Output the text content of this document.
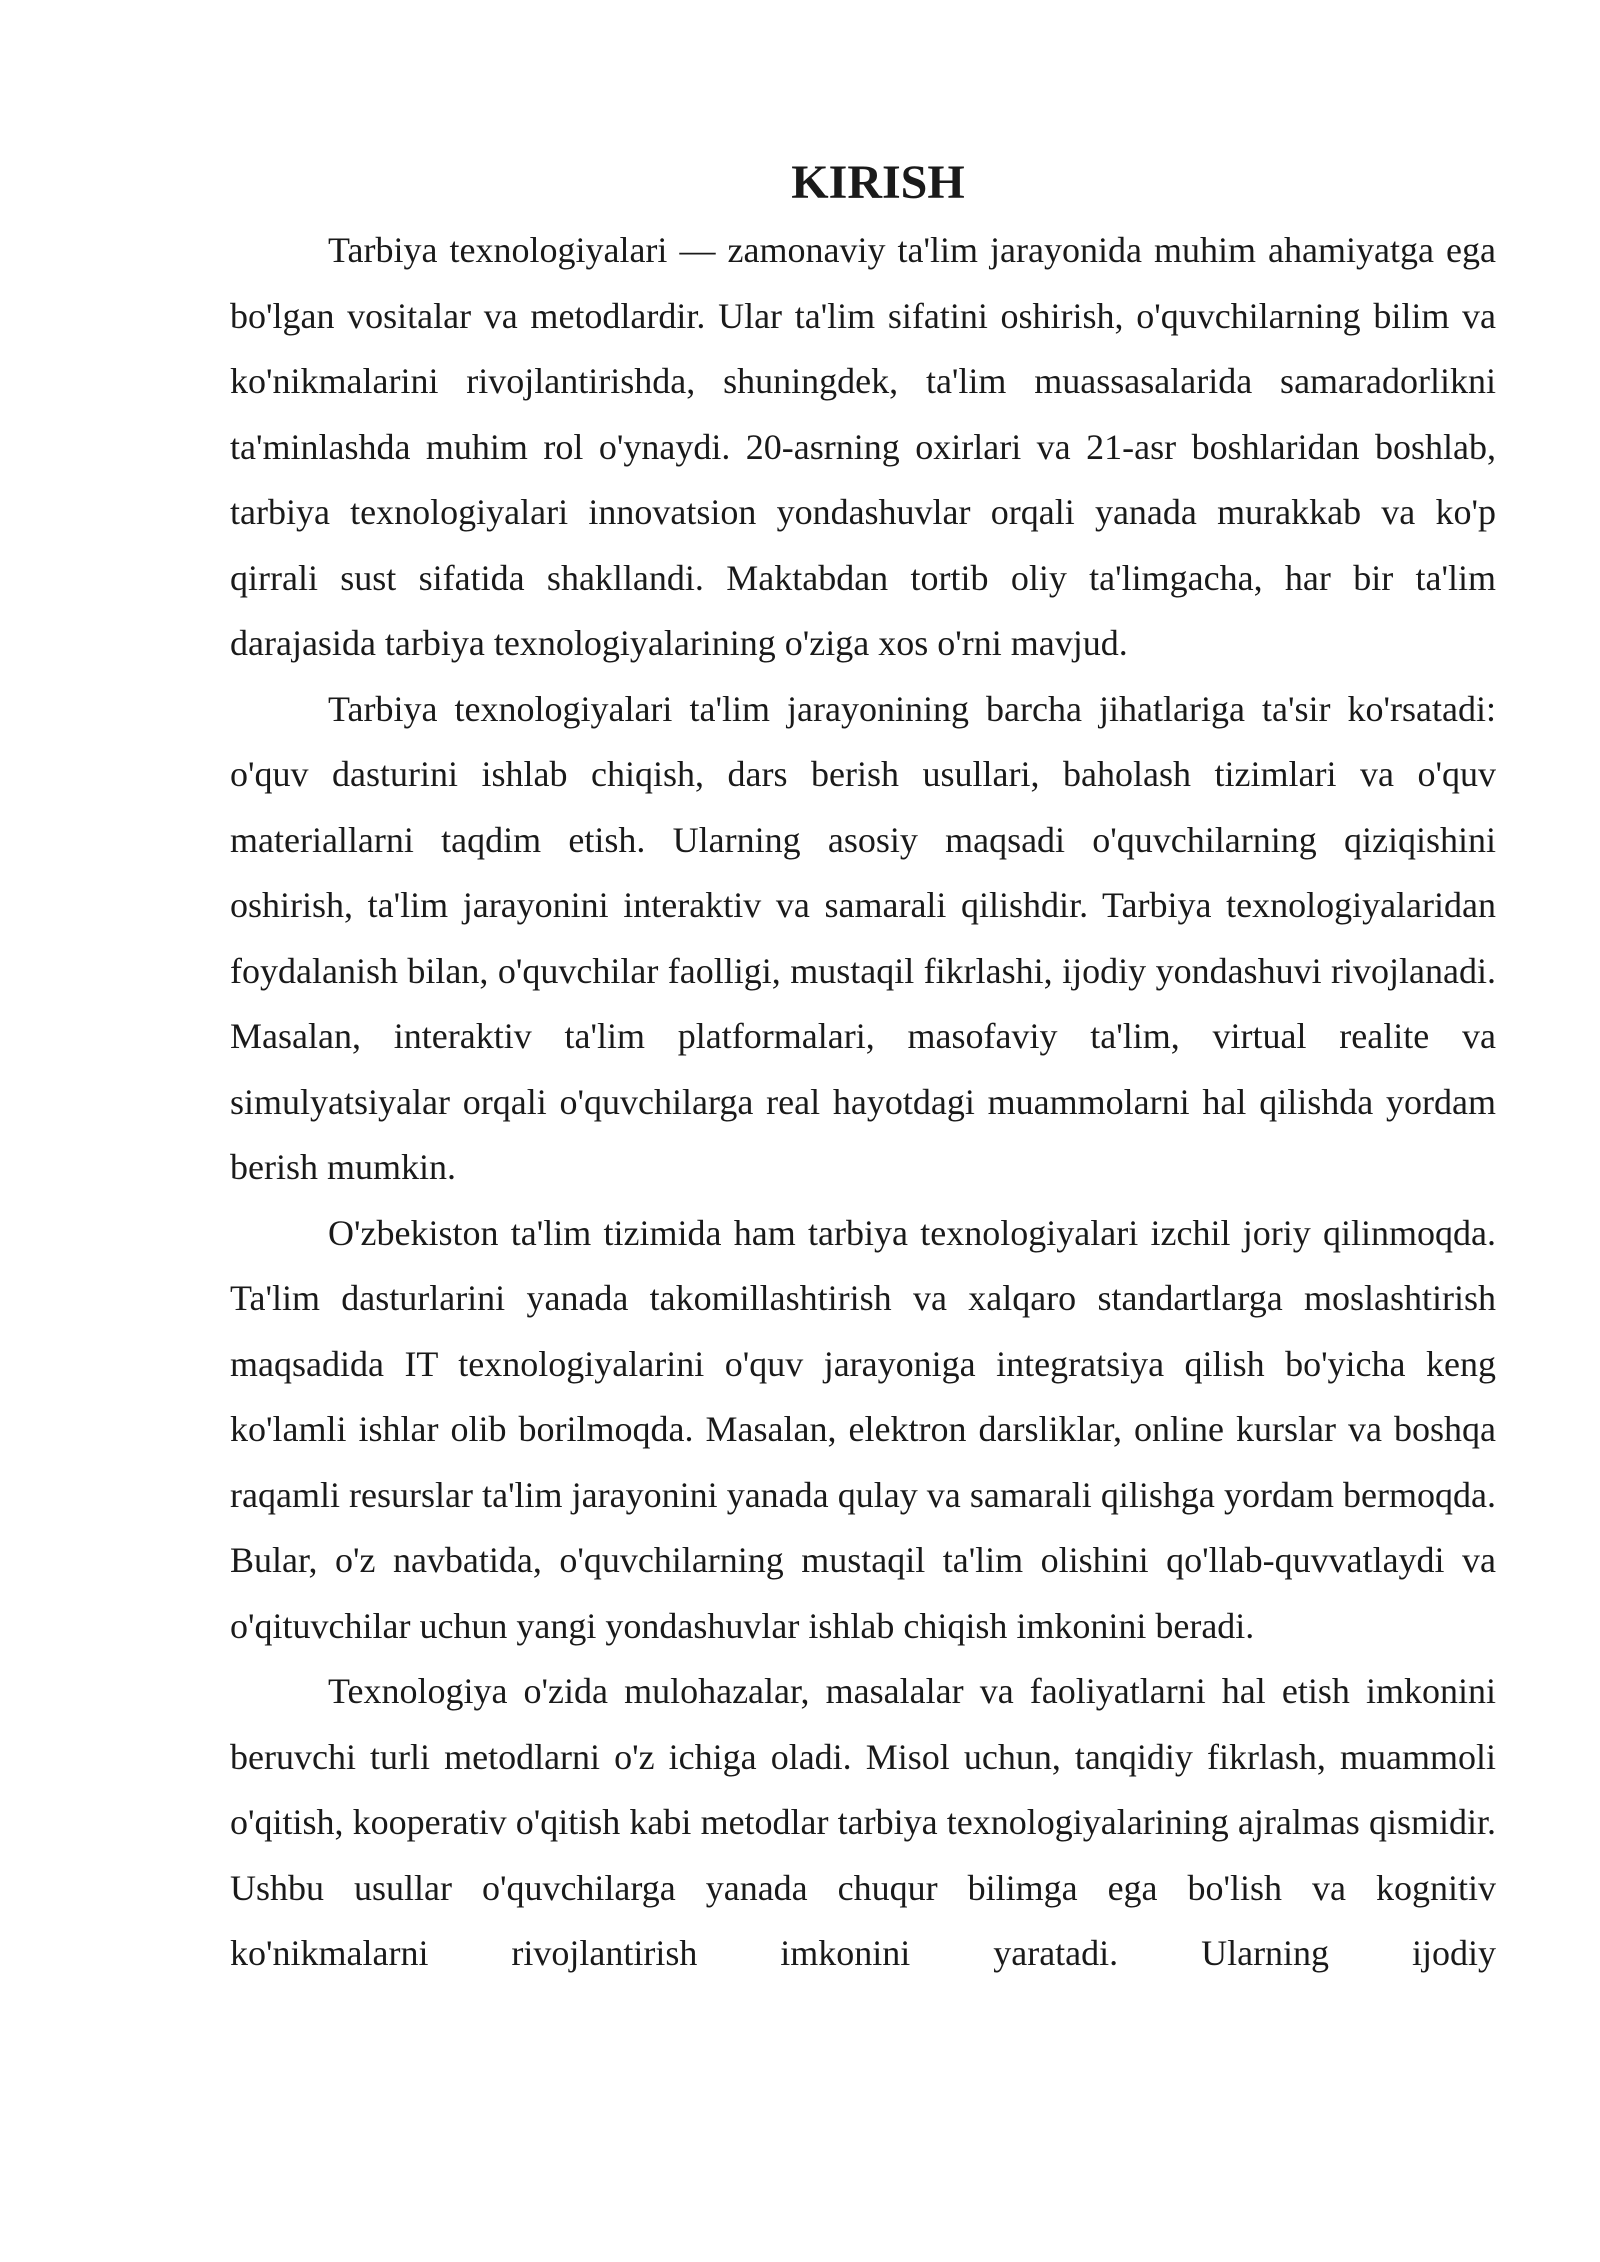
KIRISH

Tarbiya texnologiyalari — zamonaviy ta'lim jarayonida muhim ahamiyatga ega bo'lgan vositalar va metodlardir. Ular ta'lim sifatini oshirish, o'quvchilarning bilim va ko'nikmalarini rivojlantirishda, shuningdek, ta'lim muassasalarida samaradorlikni ta'minlashda muhim rol o'ynaydi. 20-asrning oxirlari va 21-asr boshlaridan boshlab, tarbiya texnologiyalari innovatsion yondashuvlar orqali yanada murakkab va ko'p qirrali sust sifatida shakllandi. Maktabdan tortib oliy ta'limgacha, har bir ta'lim darajasida tarbiya texnologiyalarining o'ziga xos o'rni mavjud.

Tarbiya texnologiyalari ta'lim jarayonining barcha jihatlariga ta'sir ko'rsatadi: o'quv dasturini ishlab chiqish, dars berish usullari, baholash tizimlari va o'quv materiallarni taqdim etish. Ularning asosiy maqsadi o'quvchilarning qiziqishini oshirish, ta'lim jarayonini interaktiv va samarali qilishdir. Tarbiya texnologiyalaridan foydalanish bilan, o'quvchilar faolligi, mustaqil fikrlashi, ijodiy yondashuvi rivojlanadi. Masalan, interaktiv ta'lim platformalari, masofaviy ta'lim, virtual realite va simulyatsiyalar orqali o'quvchilarga real hayotdagi muammolarni hal qilishda yordam berish mumkin.

O'zbekiston ta'lim tizimida ham tarbiya texnologiyalari izchil joriy qilinmoqda. Ta'lim dasturlarini yanada takomillashtirish va xalqaro standartlarga moslashtirish maqsadida IT texnologiyalarini o'quv jarayoniga integratsiya qilish bo'yicha keng ko'lamli ishlar olib borilmoqda. Masalan, elektron darsliklar, online kurslar va boshqa raqamli resurslar ta'lim jarayonini yanada qulay va samarali qilishga yordam bermoqda. Bular, o'z navbatida, o'quvchilarning mustaqil ta'lim olishini qo'llab-quvvatlaydi va o'qituvchilar uchun yangi yondashuvlar ishlab chiqish imkonini beradi.

Texnologiya o'zida mulohazalar, masalalar va faoliyatlarni hal etish imkonini beruvchi turli metodlarni o'z ichiga oladi. Misol uchun, tanqidiy fikrlash, muammoli o'qitish, kooperativ o'qitish kabi metodlar tarbiya texnologiyalarining ajralmas qismidir. Ushbu usullar o'quvchilarga yanada chuqur bilimga ega bo'lish va kognitiv ko'nikmalarni rivojlantirish imkonini yaratadi. Ularning ijodiy
